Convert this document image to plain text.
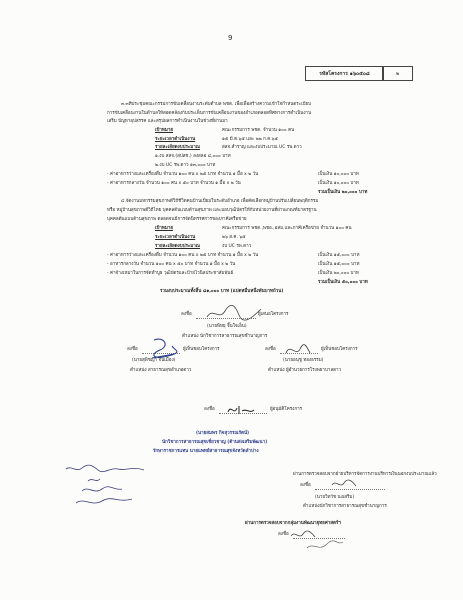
9
รหัสโครงการ ๑๖๐๕๐๘	๒
๓.๓ทีประชุมคณะกรรมการขับเคลื่อนงานระดับตำบล พชต. เพื่อเพื่อสร้างความเข้าใจกำหนดระเบียบ
การขับเคลื่อนงานในตำบลให้สอดคล้องกับประเด็นการขับเคลื่อนงานของอำเภอตลอดทิศทางการดำเนินงาน
เสริม ปัญหาอุปสรรค และสรุปผลการดำเนินงานในช่วงที่ผ่านมา
เป้าหมาย	คณะกรรมการ พชต. จำนวน ๑๐๐ คน
ระยะเวลาดำเนินงาน	๑๕ มี.ค.๖๕ และ ๒๒ ก.ค.๖๕
รายละเอียดงบประมาณ	สสจ.สำราญ และงบประมาณ UC รพ.ดาว
๑.งบ สสจ.(สปสช.) ลงสลอ ๔,๐๐๐ บาท
๒.งบ UC รพ.ดาว ๑๓,๐๐๐ บาท
- ค่าอาหารว่างและเครื่องดื่ม จำนวน ๑๐๐ คน x ๒๕ บาท จำนวน ๑ มื้อ x ๒ วัน	เป็นเงิน ๑๐,๐๐๐ บาท
- ค่าอาหารกลางวัน จำนวน ๑๐๐ คน x ๕๐ บาท จำนวน ๑ มื้อ x ๒ วัน	เป็นเงิน ๑๐,๐๐๐ บาท
รวมเป็นเงิน ๒๐,๐๐๐ บาท
๔.จัดงานมหกรรมสุขภาพดีวิถีชีวิตคนบ้านเปี่ยมในระดับอำเภอ เพื่อคัดเลือกหมู่บ้านปรับเปลี่ยนพฤติกรรม
หรือ หมู่บ้านสุขภาพดีวิถีไทย บุคคลต้นแบบด้านสุขภาพ และมอบวุฒิบัตรให้กับหน่วยงานที่ผ่านเกณฑ์มาตรฐาน
บุคคลต้นแบบด้านสุขภาพ ตลอดจนมีการจัดนิทรรศการของภาคีเครือข่าย
เป้าหมาย	คณะกรรมการ พชต.,พชอ.,อสม.และภาคีเครือข่าย จำนวน ๑๐๐ คน
ระยะเวลาดำเนินงาน	๒๖ ส.ค. ๖๕
รายละเอียดงบประมาณ	งบ UC รพ.ดาว
- ค่าอาหารว่างและเครื่องดื่ม จำนวน ๑๐๐ คน x ๒๕ บาท จำนวน ๑ มื้อ x ๒ วัน	เป็นเงิน ๑๕,๐๐๐ บาท
- อาหารกลางวัน จำนวน ๑๐๐ คน x ๕๐ บาท จำนวน ๑ มื้อ x ๒ วัน	เป็นเงิน ๑๕,๐๐๐ บาท
- ค่าจ้างเหมาในการจัดทำบูธ วุฒิบัตรและป้ายไวนิลประชาสัมพันธ์	เป็นเงิน ๒๐,๐๐๐ บาท
รวมเป็นเงิน ๕๐,๐๐๐ บาท
รวมงบประมาณทั้งสิ้น ๘๑,๐๐๐ บาท (แปดหมื่นหนึ่งพันบาทถ้วน)
ลงชื่อ	ผู้เสนอโครงการ
(นายพิทยุ จิ๊นใจเอ็น)
ตำแหน่ง นักวิชาการสาธารณสุขชำนาญการ
ลงชื่อ	ผู้เห็นชอบโครงการ
(นายสุพิชญา จินเมือง)
ตำแหน่ง สาธารณสุขอำเภอดาว
ลงชื่อ	ผู้เห็นชอบโครงการ
(นายอนุชู ทองธรรม)
ตำแหน่ง ผู้อำนวยการโรงพยาบาลดาว
ลงชื่อ	ผู้อนุมัติโครงการ
(นายสมพร กิจสุวรรณรัตน์)
นักวิชาการสาธารณสุขเชี่ยวชาญ (ด้านส่งเสริมพัฒนา)
รักษาราชการแทน นายแพทย์สาธารณสุขจังหวัดลำปาง
ผ่านการตรวจสอบจากฝ่ายบริหารจัดการงานบริหารเงินนอกงบประมาณแล้ว
ลงชื่อ
(นายวิทวัช นงเสริม)
ตำแหน่งนักวิชาการสาธารณสุขชำนาญการ
ผ่านการตรวจสอบจากกลุ่มงานพัฒนายุทธศาสตร์ฯ
ลงชื่อ
